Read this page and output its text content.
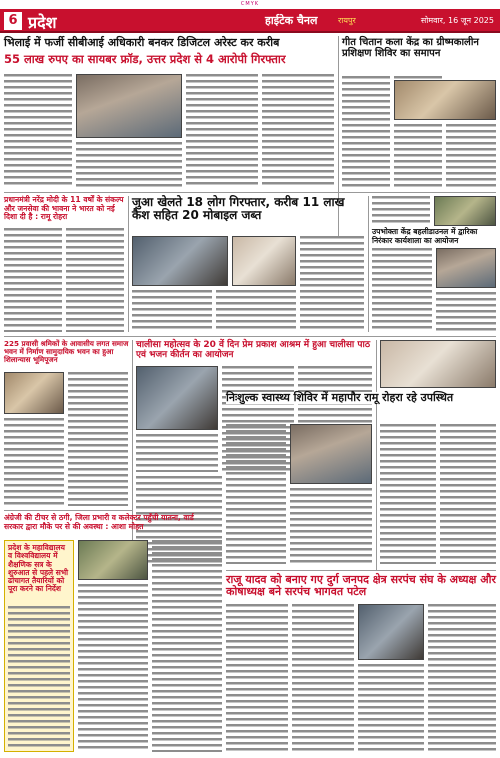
CMYK
6 प्रदेश	हाईटेक चैनल	रायपुर	सोमवार, 16 जून 2025
भिलाई में फर्जी सीबीआई अधिकारी बनकर डिजिटल अरेस्ट कर करीब
55 लाख रुपए का सायबर फ्रॉड, उत्तर प्रदेश से 4 आरोपी गिरफ्तार
गीत चितान कला केंद्र का ग्रीष्मकालीन प्रशिक्षण शिविर का समापन
प्रधानमंत्री नरेंद्र मोदी के 11 वर्षों के संकल्प और जनसेवा की भावना ने भारत को नई दिशा दी है : रामू रोहरा
जुआ खेलते 18 लोग गिरफ्तार, करीब 11 लाख कैश सहित 20 मोबाइल जब्त
उपभोक्ता केंद्र बहलीडाउनल में द्वारिका निरंकार कार्यशाला का आयोजन
225 प्रवासी श्रमिकों के आवासीय लगत समाज भवन में निर्माण सामुदायिक भवन का हुआ शिलान्यास भूमिपूजन
चालीसा महोत्सव के 20 वें दिन प्रेम प्रकाश आश्रम में हुआ चालीसा पाठ एवं भजन कीर्तन का आयोजन
निःशुल्क स्वास्थ्य शिविर में महापौर रामू रोहरा रहे उपस्थित
अंग्रेजी की टीचर से ठगी, जिला प्रभारी व कलेक्टर पहुँची यातना, वार्ड सरकार द्वारा मौके पर से की अवस्था : आशा मोहत
प्रदेश के महाविद्यालय व विश्वविद्यालय में शैक्षणिक सत्र के शुरुआत से पहले सभी ढांचागत तैयारियों को पूरा करने का निर्देश
राजू यादव को बनाए गए दुर्ग जनपद क्षेत्र सरपंच संघ के अध्यक्ष और कोषाध्यक्ष बने सरपंच भागवत पटेल
